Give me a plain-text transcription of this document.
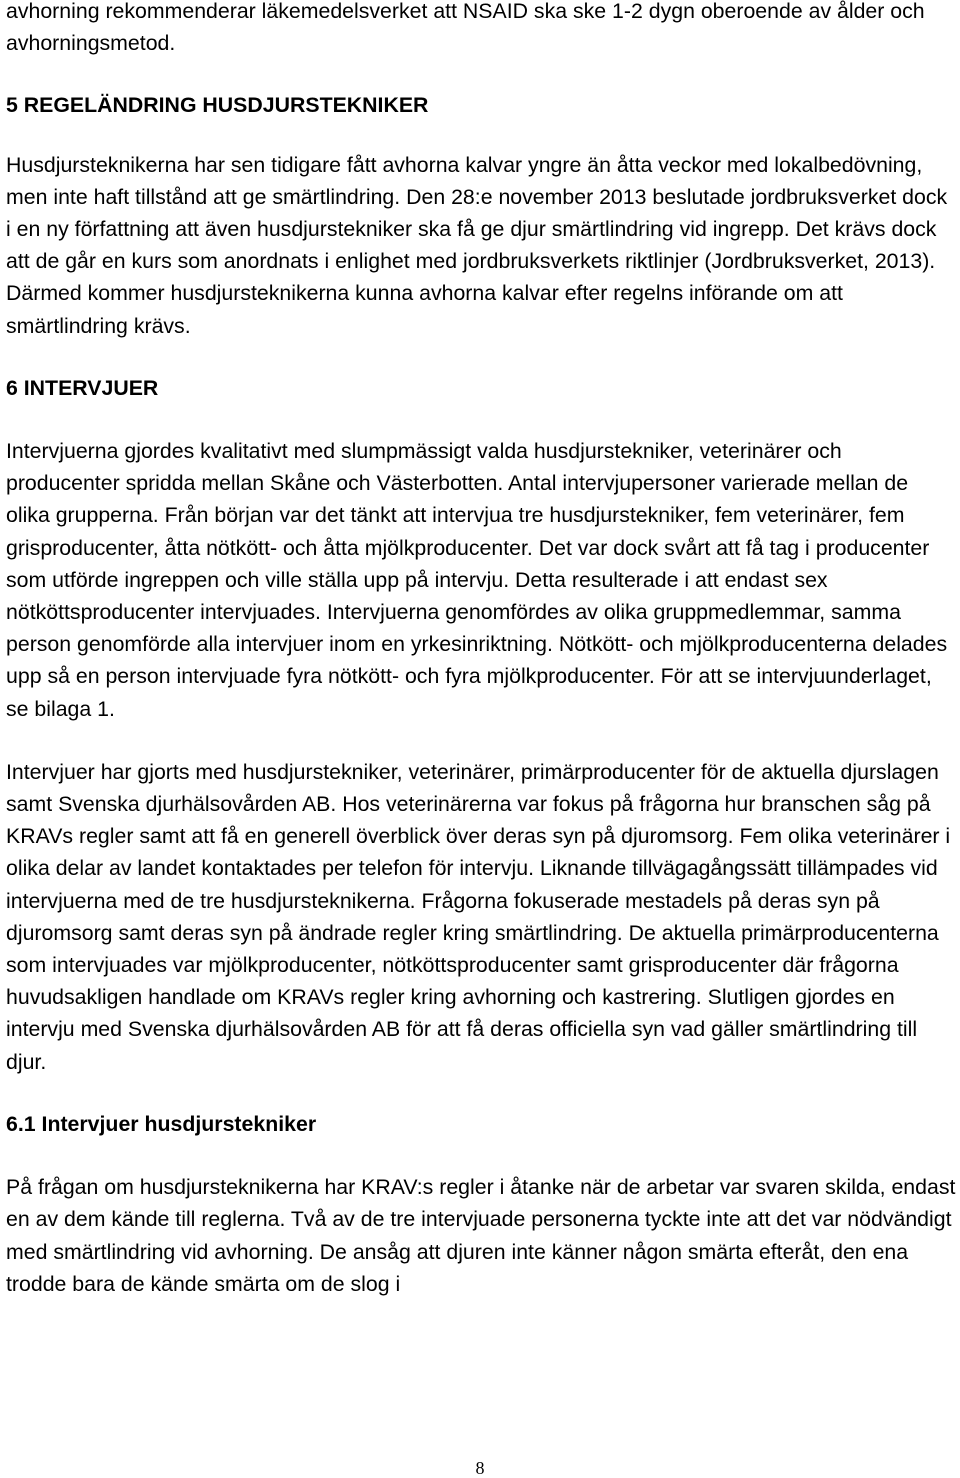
avhorning rekommenderar läkemedelsverket att NSAID ska ske 1-2 dygn oberoende av ålder och avhorningsmetod.

5 REGELÄNDRING HUSDJURSTEKNIKER

Husdjursteknikerna har sen tidigare fått avhorna kalvar yngre än åtta veckor med lokalbedövning, men inte haft tillstånd att ge smärtlindring. Den 28:e november 2013 beslutade jordbruksverket dock i en ny författning att även husdjurstekniker ska få ge djur smärtlindring vid ingrepp. Det krävs dock att de går en kurs som anordnats i enlighet med jordbruksverkets riktlinjer (Jordbruksverket, 2013). Därmed kommer husdjursteknikerna kunna avhorna kalvar efter regelns införande om att smärtlindring krävs.

6 INTERVJUER

Intervjuerna gjordes kvalitativt med slumpmässigt valda husdjurstekniker, veterinärer och producenter spridda mellan Skåne och Västerbotten. Antal intervjupersoner varierade mellan de olika grupperna. Från början var det tänkt att intervjua tre husdjurstekniker, fem veterinärer, fem grisproducenter, åtta nötkött- och åtta mjölkproducenter. Det var dock svårt att få tag i producenter som utförde ingreppen och ville ställa upp på intervju. Detta resulterade i att endast sex nötköttsproducenter intervjuades. Intervjuerna genomfördes av olika gruppmedlemmar, samma person genomförde alla intervjuer inom en yrkesinriktning. Nötkött- och mjölkproducenterna delades upp så en person intervjuade fyra nötkött- och fyra mjölkproducenter. För att se intervjuunderlaget, se bilaga 1.

Intervjuer har gjorts med husdjurstekniker, veterinärer, primärproducenter för de aktuella djurslagen samt Svenska djurhälsovården AB. Hos veterinärerna var fokus på frågorna hur branschen såg på KRAVs regler samt att få en generell överblick över deras syn på djuromsorg. Fem olika veterinärer i olika delar av landet kontaktades per telefon för intervju. Liknande tillvägagångssätt tillämpades vid intervjuerna med de tre husdjursteknikerna. Frågorna fokuserade mestadels på deras syn på djuromsorg samt deras syn på ändrade regler kring smärtlindring. De aktuella primärproducenterna som intervjuades var mjölkproducenter, nötköttsproducenter samt grisproducenter där frågorna huvudsakligen handlade om KRAVs regler kring avhorning och kastrering. Slutligen gjordes en intervju med Svenska djurhälsovården AB för att få deras officiella syn vad gäller smärtlindring till djur.

6.1 Intervjuer husdjurstekniker

På frågan om husdjursteknikerna har KRAV:s regler i åtanke när de arbetar var svaren skilda, endast en av dem kände till reglerna. Två av de tre intervjuade personerna tyckte inte att det var nödvändigt med smärtlindring vid avhorning. De ansåg att djuren inte känner någon smärta efteråt, den ena trodde bara de kände smärta om de slog i

8
